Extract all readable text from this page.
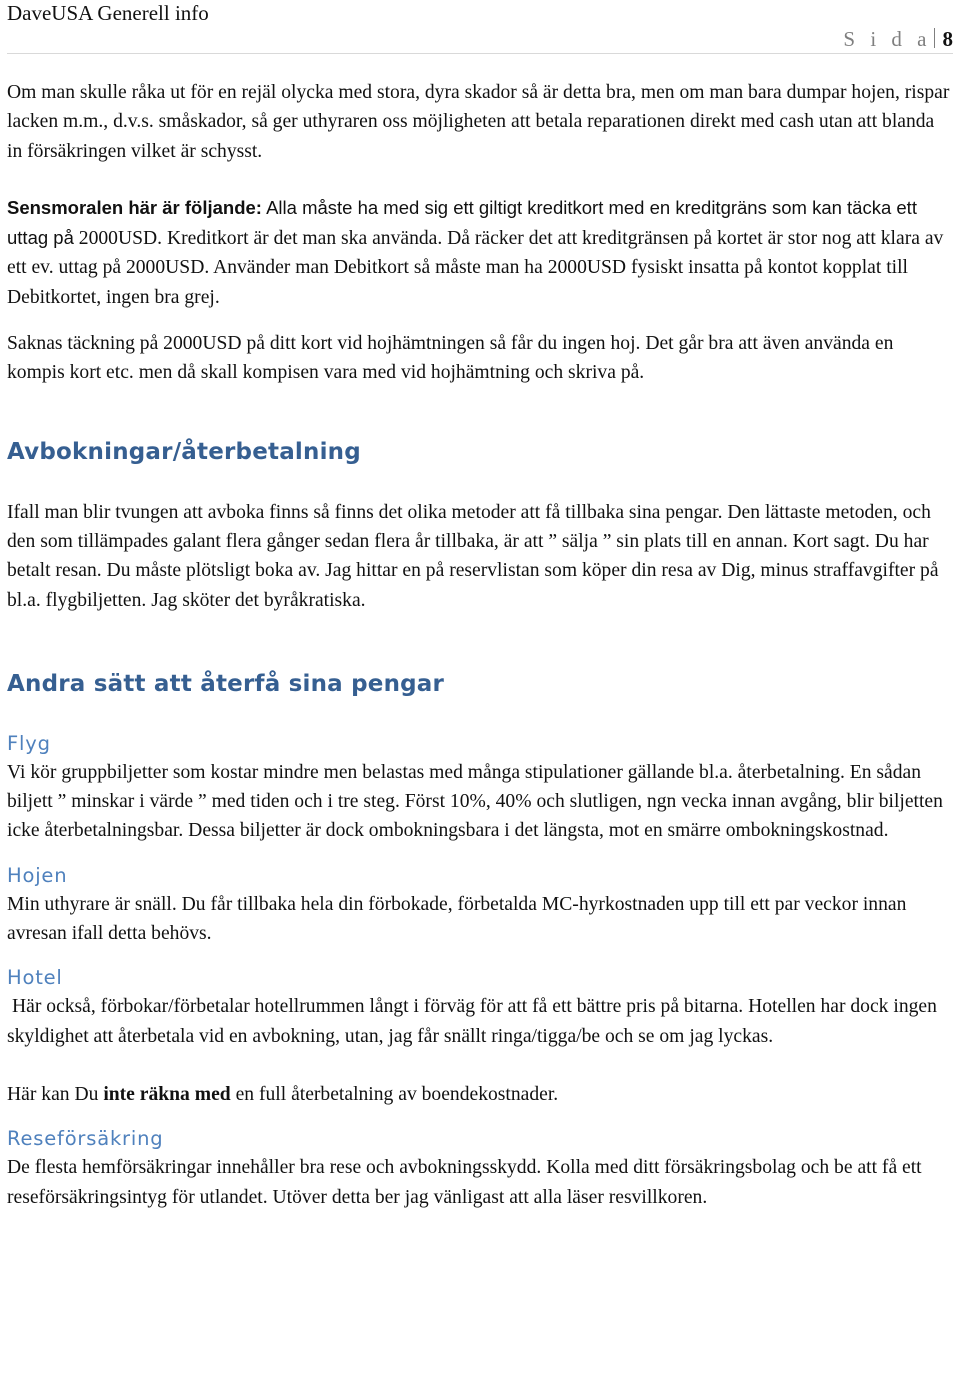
DaveUSA Generell info
S i d a 8

Om man skulle råka ut för en rejäl olycka med stora, dyra skador så är detta bra, men om man bara dumpar hojen, rispar lacken m.m., d.v.s. småskador, så ger uthyraren oss möjligheten att betala reparationen direkt med cash utan att blanda in försäkringen vilket är schysst.

Sensmoralen här är följande: Alla måste ha med sig ett giltigt kreditkort med en kreditgräns som kan täcka ett uttag på 2000USD. Kreditkort är det man ska använda. Då räcker det att kreditgränsen på kortet är stor nog att klara av ett ev. uttag på 2000USD. Använder man Debitkort så måste man ha 2000USD fysiskt insatta på kontot kopplat till Debitkortet, ingen bra grej.

Saknas täckning på 2000USD på ditt kort vid hojhämtningen så får du ingen hoj. Det går bra att även använda en kompis kort etc. men då skall kompisen vara med vid hojhämtning och skriva på.

Avbokningar/återbetalning

Ifall man blir tvungen att avboka finns så finns det olika metoder att få tillbaka sina pengar. Den lättaste metoden, och den som tillämpades galant flera gånger sedan flera år tillbaka, är att ” sälja ” sin plats till en annan. Kort sagt. Du har betalt resan. Du måste plötsligt boka av. Jag hittar en på reservlistan som köper din resa av Dig, minus straffavgifter på bl.a. flygbiljetten. Jag sköter det byråkratiska.

Andra sätt att återfå sina pengar
Flyg

Vi kör gruppbiljetter som kostar mindre men belastas med många stipulationer gällande bl.a. återbetalning. En sådan biljett ” minskar i värde ” med tiden och i tre steg. Först 10%, 40% och slutligen, ngn vecka innan avgång, blir biljetten icke återbetalningsbar. Dessa biljetter är dock ombokningsbara i det längsta, mot en smärre ombokningskostnad.

Hojen

Min uthyrare är snäll. Du får tillbaka hela din förbokade, förbetalda MC-hyrkostnaden upp till ett par veckor innan avresan ifall detta behövs.

Hotel

Här också, förbokar/förbetalar hotellrummen långt i förväg för att få ett bättre pris på bitarna. Hotellen har dock ingen skyldighet att återbetala vid en avbokning, utan, jag får snällt ringa/tigga/be och se om jag lyckas.

Här kan Du inte räkna med en full återbetalning av boendekostnader.

Reseförsäkring

De flesta hemförsäkringar innehåller bra rese och avbokningsskydd. Kolla med ditt försäkringsbolag och be att få ett reseförsäkringsintyg för utlandet. Utöver detta ber jag vänligast att alla läser resvillkoren.
